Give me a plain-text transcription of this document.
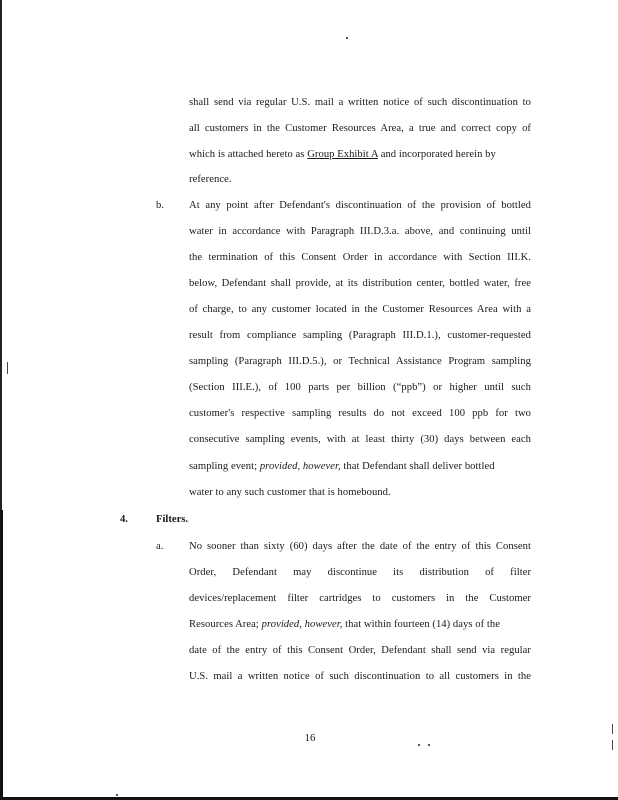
shall send via regular U.S. mail a written notice of such discontinuation to
all customers in the Customer Resources Area, a true and correct copy of
which is attached hereto as Group Exhibit A and incorporated herein by
reference.
b. At any point after Defendant's discontinuation of the provision of bottled
water in accordance with Paragraph III.D.3.a. above, and continuing until
the termination of this Consent Order in accordance with Section III.K.
below, Defendant shall provide, at its distribution center, bottled water, free
of charge, to any customer located in the Customer Resources Area with a
result from compliance sampling (Paragraph III.D.1.), customer-requested
sampling (Paragraph III.D.5.), or Technical Assistance Program sampling
(Section III.E.), of 100 parts per billion (“ppb”) or higher until such
customer's respective sampling results do not exceed 100 ppb for two
consecutive sampling events, with at least thirty (30) days between each
sampling event; provided, however, that Defendant shall deliver bottled
water to any such customer that is homebound.
4.	Filters.
a. No sooner than sixty (60) days after the date of the entry of this Consent
Order, Defendant may discontinue its distribution of filter
devices/replacement filter cartridges to customers in the Customer
Resources Area; provided, however, that within fourteen (14) days of the
date of the entry of this Consent Order, Defendant shall send via regular
U.S. mail a written notice of such discontinuation to all customers in the
16
